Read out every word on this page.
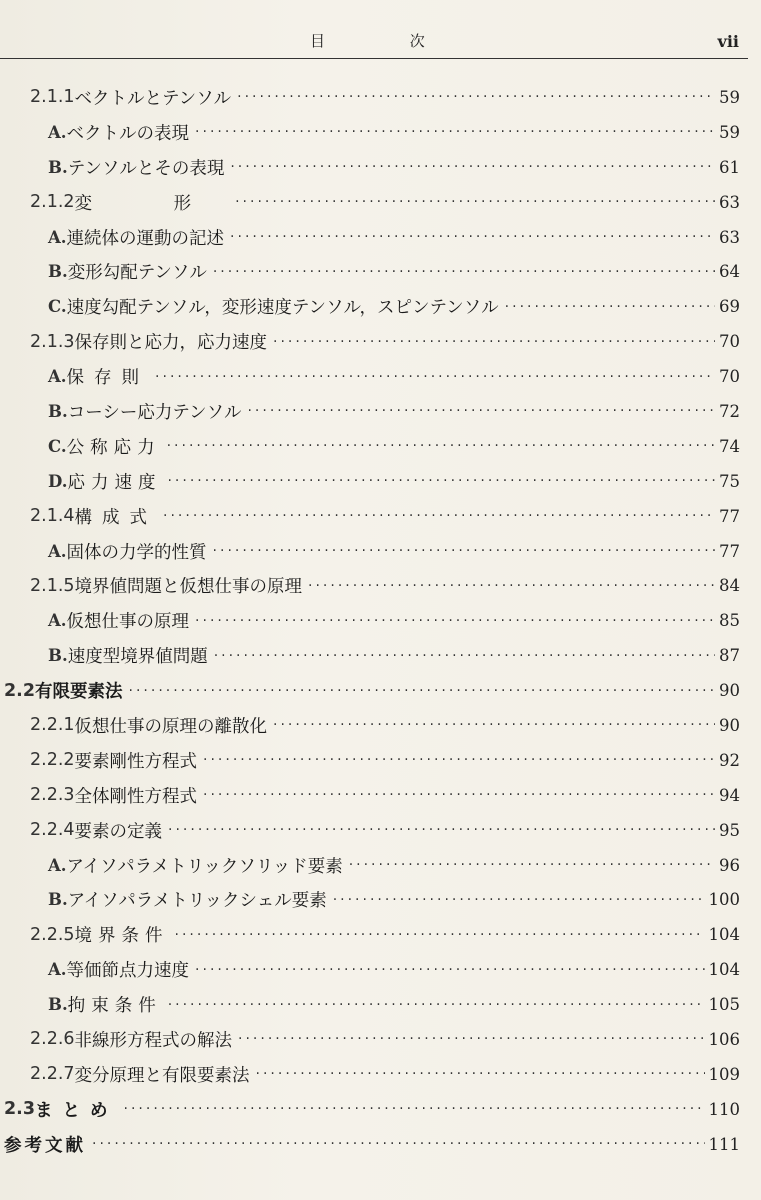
目 次	vii
2.1.1 ベクトルとテンソル ·····	59
A. ベクトルの表現 ·····	59
B. テンソルとその表現 ·····	61
2.1.2 変 形 ·····	63
A. 連続体の運動の記述 ·····	63
B. 変形勾配テンソル ·····	64
C. 速度勾配テンソル，変形速度テンソル，スピンテンソル ·····	69
2.1.3 保存則と応力，応力速度 ·····	70
A. 保存則 ·····	70
B. コーシー応力テンソル ·····	72
C. 公称応力 ·····	74
D. 応力速度 ·····	75
2.1.4 構成式 ·····	77
A. 固体の力学的性質 ·····	77
2.1.5 境界値問題と仮想仕事の原理 ·····	84
A. 仮想仕事の原理 ·····	85
B. 速度型境界値問題 ·····	87
2.2 有限要素法 ·····	90
2.2.1 仮想仕事の原理の離散化 ·····	90
2.2.2 要素剛性方程式 ·····	92
2.2.3 全体剛性方程式 ·····	94
2.2.4 要素の定義 ·····	95
A. アイソパラメトリックソリッド要素 ·····	96
B. アイソパラメトリックシェル要素 ·····	100
2.2.5 境界条件 ·····	104
A. 等価節点力速度 ·····	104
B. 拘束条件 ·····	105
2.2.6 非線形方程式の解法 ·····	106
2.2.7 変分原理と有限要素法 ·····	109
2.3 まとめ ·····	110
参考文献 ·····	111
